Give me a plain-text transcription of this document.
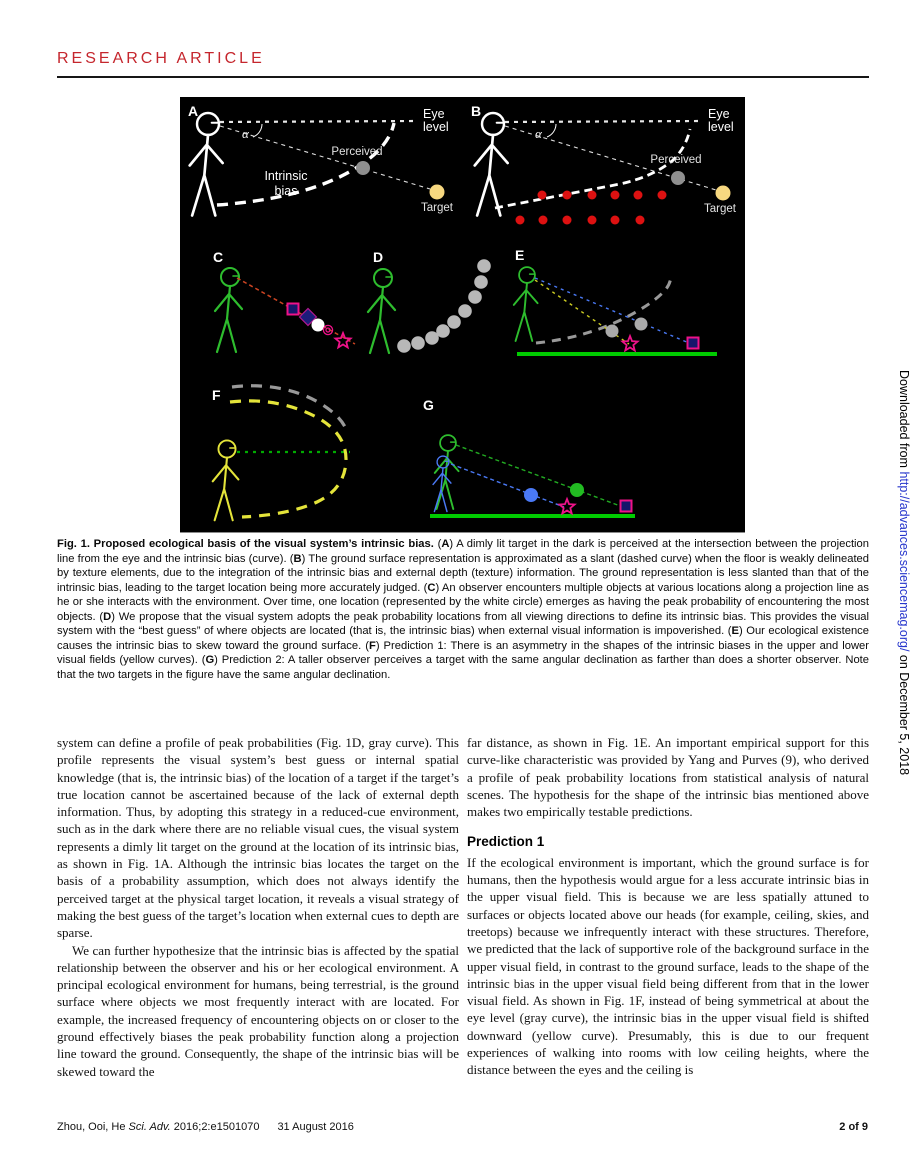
RESEARCH ARTICLE
A	Eye
level
α
Perceived
Intrinsic
bias
Target
B	Eye
level
α
Perceived
Target
C	D	E
F
G

Fig. 1. Proposed ecological basis of the visual system’s intrinsic bias. (A) A dimly lit target in the dark is perceived at the intersection between the projection line from the eye and the intrinsic bias (curve). (B) The ground surface representation is approximated as a slant (dashed curve) when the floor is weakly delineated by texture elements, due to the integration of the intrinsic bias and external depth (texture) information. The ground representation is less slanted than that of the intrinsic bias, leading to the target location being more accurately judged. (C) An observer encounters multiple objects at various locations along a projection line as he or she interacts with the environment. Over time, one location (represented by the white circle) emerges as having the peak probability of encountering the most objects. (D) We propose that the visual system adopts the peak probability locations from all viewing directions to define its intrinsic bias. This provides the visual system with the “best guess” of where objects are located (that is, the intrinsic bias) when external visual information is impoverished. (E) Our ecological existence causes the intrinsic bias to skew toward the ground surface. (F) Prediction 1: There is an asymmetry in the shapes of the intrinsic biases in the upper and lower visual fields (yellow curves). (G) Prediction 2: A taller observer perceives a target with the same angular declination as farther than does a shorter observer. Note that the two targets in the figure have the same angular declination.

system can define a profile of peak probabilities (Fig. 1D, gray curve). This profile represents the visual system’s best guess or internal spatial knowledge (that is, the intrinsic bias) of the location of a target if the target’s true location cannot be ascertained because of the lack of external depth information. Thus, by adopting this strategy in a reduced-cue environment, such as in the dark where there are no reliable visual cues, the visual system represents a dimly lit target on the ground at the location of its intrinsic bias, as shown in Fig. 1A. Although the intrinsic bias locates the target on the basis of a probability assumption, which does not always identify the perceived target at the physical target location, it reveals a visual strategy of making the best guess of the target’s location when external cues to depth are sparse.

We can further hypothesize that the intrinsic bias is affected by the spatial relationship between the observer and his or her ecological environment. A principal ecological environment for humans, being terrestrial, is the ground surface where objects we most frequently interact with are located. For example, the increased frequency of encountering objects on or closer to the ground effectively biases the peak probability function along a projection line toward the ground. Consequently, the shape of the intrinsic bias will be skewed toward the

far distance, as shown in Fig. 1E. An important empirical support for this curve-like characteristic was provided by Yang and Purves (9), who derived a profile of peak probability locations from statistical analysis of natural scenes. The hypothesis for the shape of the intrinsic bias mentioned above makes two empirically testable predictions.

Prediction 1

If the ecological environment is important, which the ground surface is for humans, then the hypothesis would argue for a less accurate intrinsic bias in the upper visual field. This is because we are less spatially attuned to surfaces or objects located above our heads (for example, ceiling, skies, and treetops) because we infrequently interact with these structures. Therefore, we predicted that the lack of supportive role of the background surface in the upper visual field, in contrast to the ground surface, leads to the shape of the intrinsic bias in the upper visual field being different from that in the lower visual field. As shown in Fig. 1F, instead of being symmetrical at about the eye level (gray curve), the intrinsic bias in the upper visual field is shifted downward (yellow curve). Presumably, this is due to our frequent experiences of walking into rooms with low ceiling heights, where the distance between the eyes and the ceiling is

Zhou, Ooi, He Sci. Adv. 2016;2:e1501070 31 August 2016	2 of 9
Downloaded from http://advances.sciencemag.org/ on December 5, 2018
